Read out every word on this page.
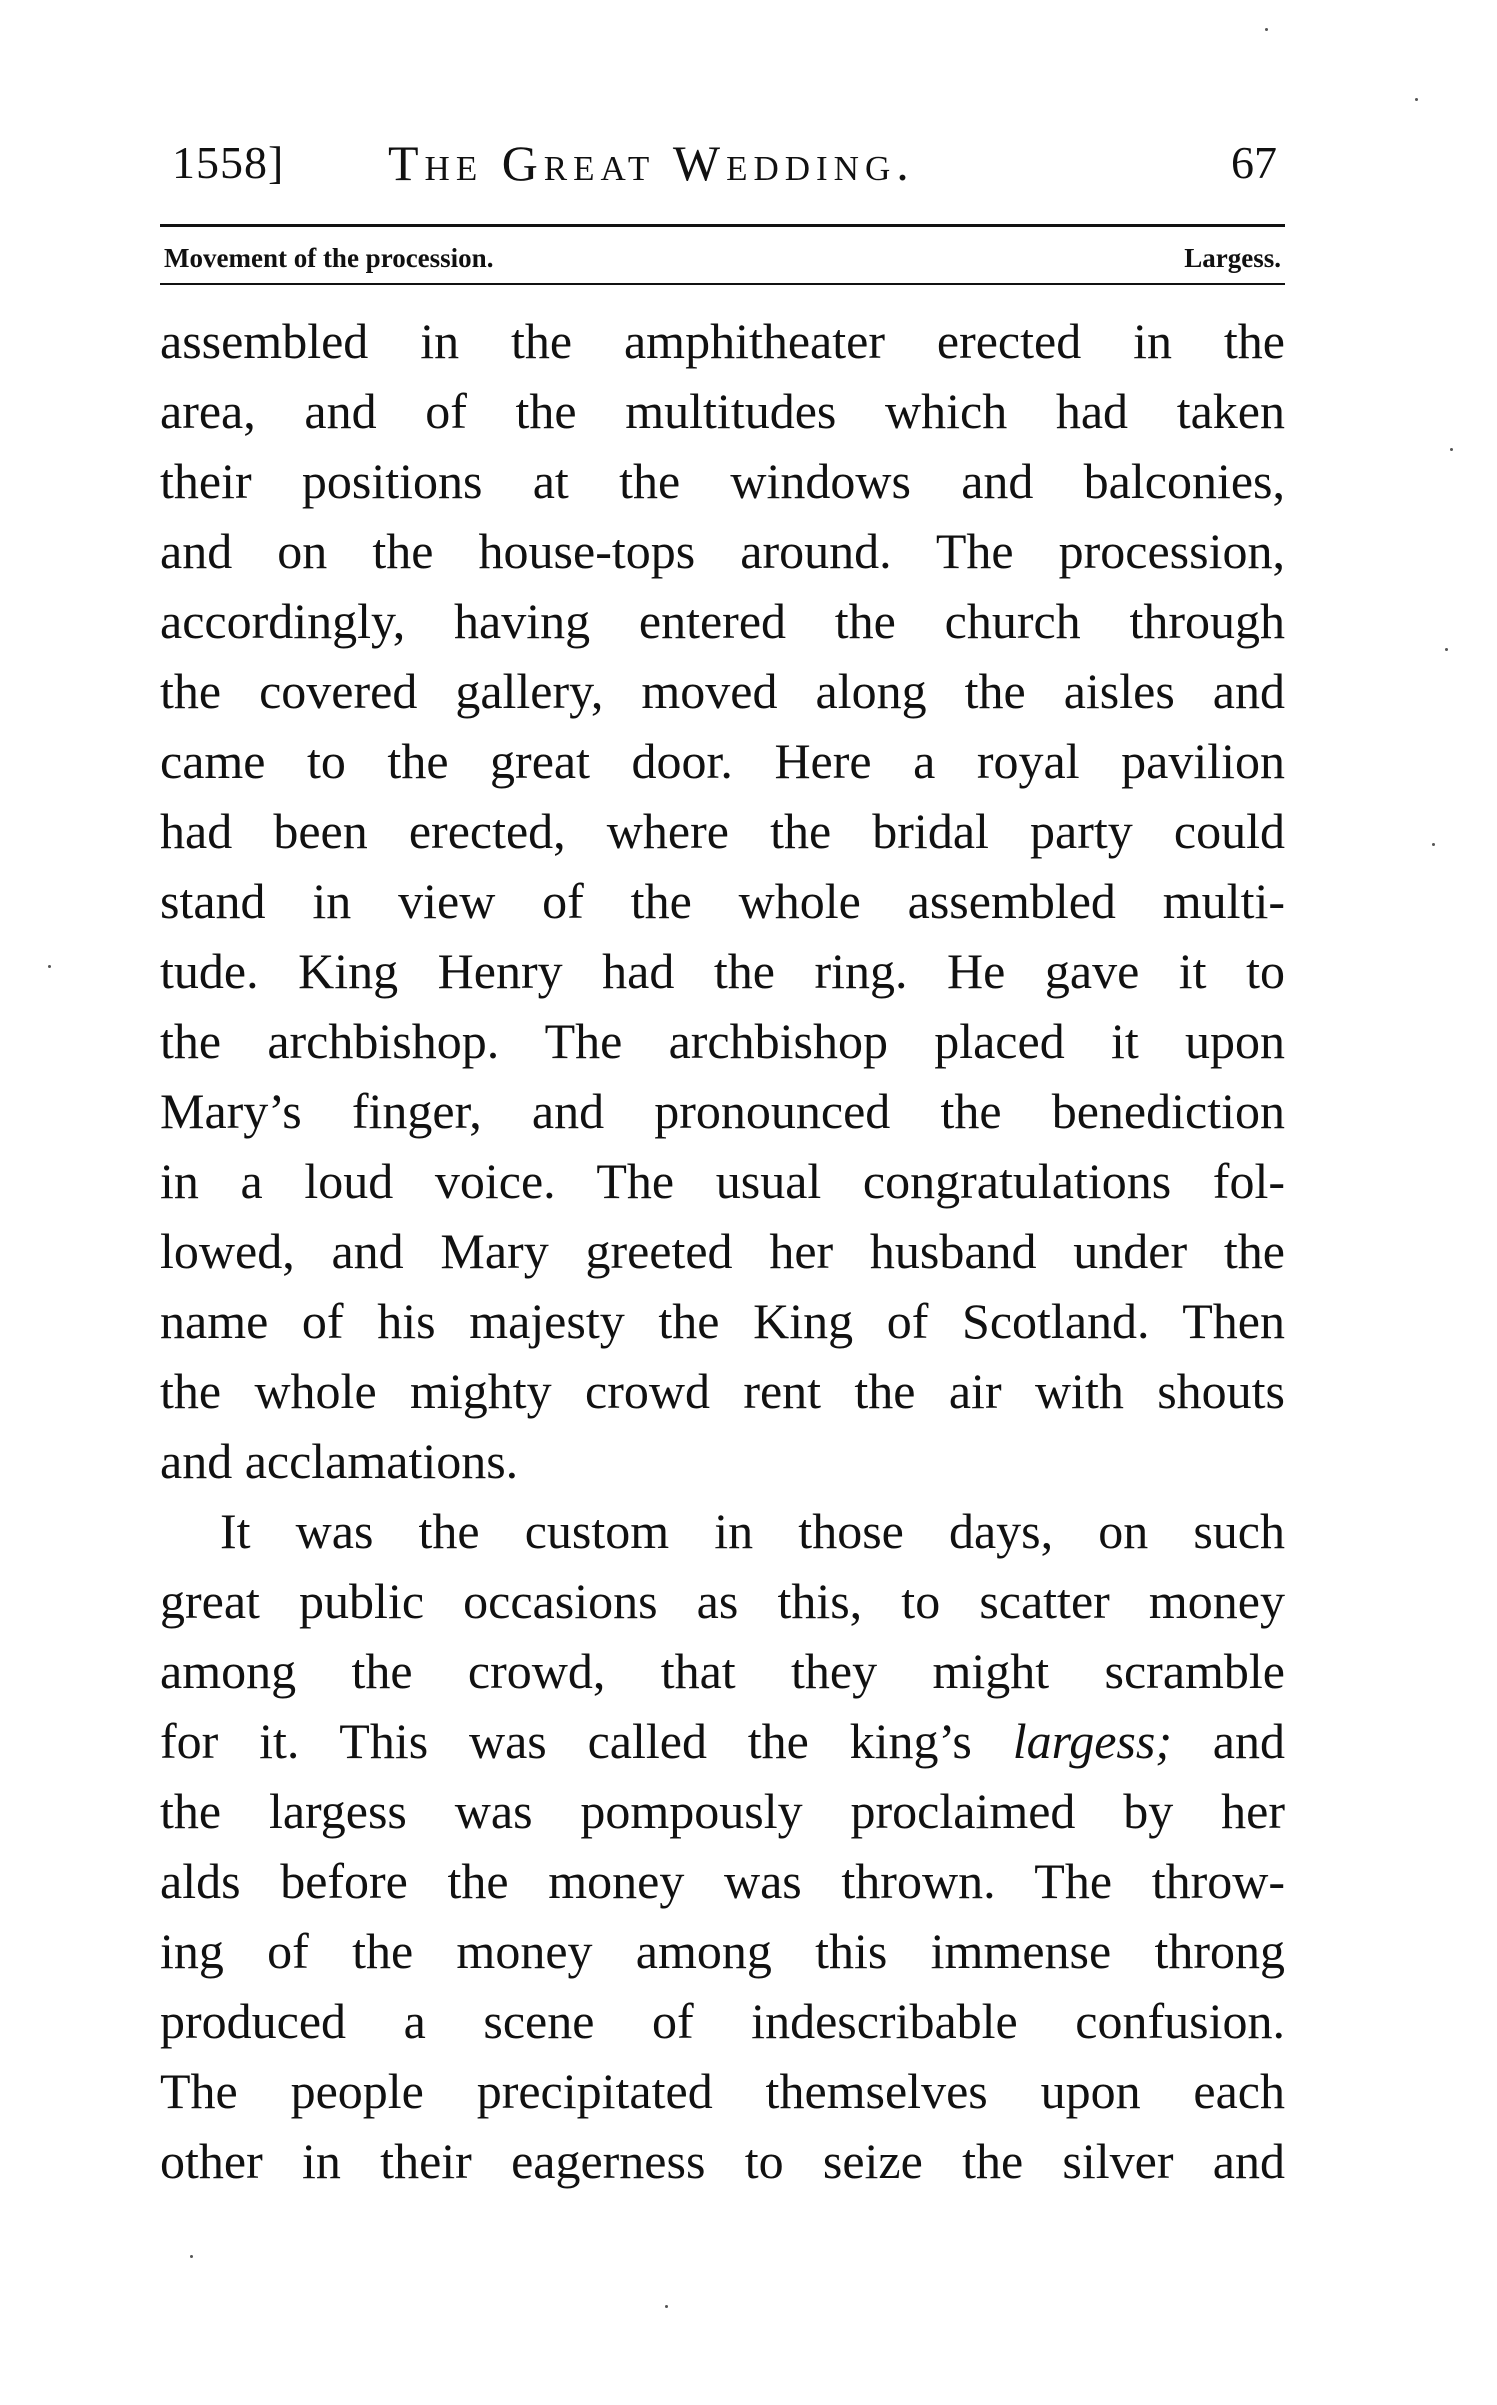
1558] The Great Wedding.	67
Movement of the procession.	Largess.
assembled in the amphitheater erected in the
area, and of the multitudes which had taken
their positions at the windows and balconies,
and on the house-tops around. The procession,
accordingly, having entered the church through
the covered gallery, moved along the aisles and
came to the great door. Here a royal pavilion
had been erected, where the bridal party could
stand in view of the whole assembled multi-
tude. King Henry had the ring. He gave it to
the archbishop. The archbishop placed it upon
Mary’s finger, and pronounced the benediction
in a loud voice. The usual congratulations fol-
lowed, and Mary greeted her husband under the
name of his majesty the King of Scotland. Then
the whole mighty crowd rent the air with shouts
and acclamations.
It was the custom in those days, on such
great public occasions as this, to scatter money
among the crowd, that they might scramble
for it. This was called the king’s largess; and
the largess was pompously proclaimed by her
alds before the money was thrown. The throw-
ing of the money among this immense throng
produced a scene of indescribable confusion.
The people precipitated themselves upon each
other in their eagerness to seize the silver and
